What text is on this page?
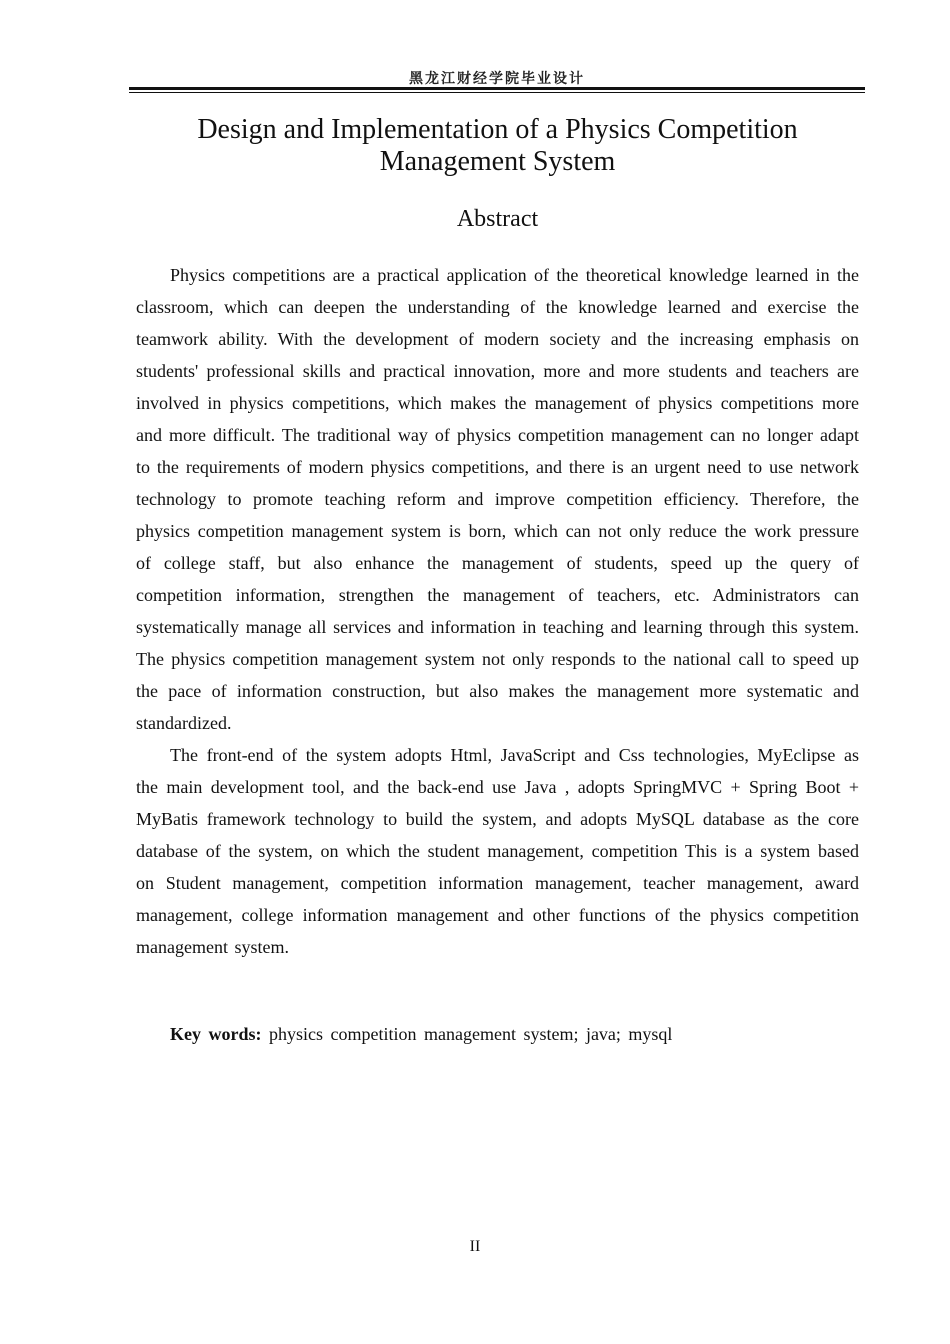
黑龙江财经学院毕业设计
Design and Implementation of a Physics Competition Management System
Abstract

Physics competitions are a practical application of the theoretical knowledge learned in the classroom, which can deepen the understanding of the knowledge learned and exercise the teamwork ability. With the development of modern society and the increasing emphasis on students' professional skills and practical innovation, more and more students and teachers are involved in physics competitions, which makes the management of physics competitions more and more difficult. The traditional way of physics competition management can no longer adapt to the requirements of modern physics competitions, and there is an urgent need to use network technology to promote teaching reform and improve competition efficiency. Therefore, the physics competition management system is born, which can not only reduce the work pressure of college staff, but also enhance the management of students, speed up the query of competition information, strengthen the management of teachers, etc. Administrators can systematically manage all services and information in teaching and learning through this system. The physics competition management system not only responds to the national call to speed up the pace of information construction, but also makes the management more systematic and standardized.

The front-end of the system adopts Html, JavaScript and Css technologies, MyEclipse as the main development tool, and the back-end use Java , adopts SpringMVC + Spring Boot + MyBatis framework technology to build the system, and adopts MySQL database as the core database of the system, on which the student management, competition This is a system based on Student management, competition information management, teacher management, award management, college information management and other functions of the physics competition management system.

Key words: physics competition management system; java; mysql
II
